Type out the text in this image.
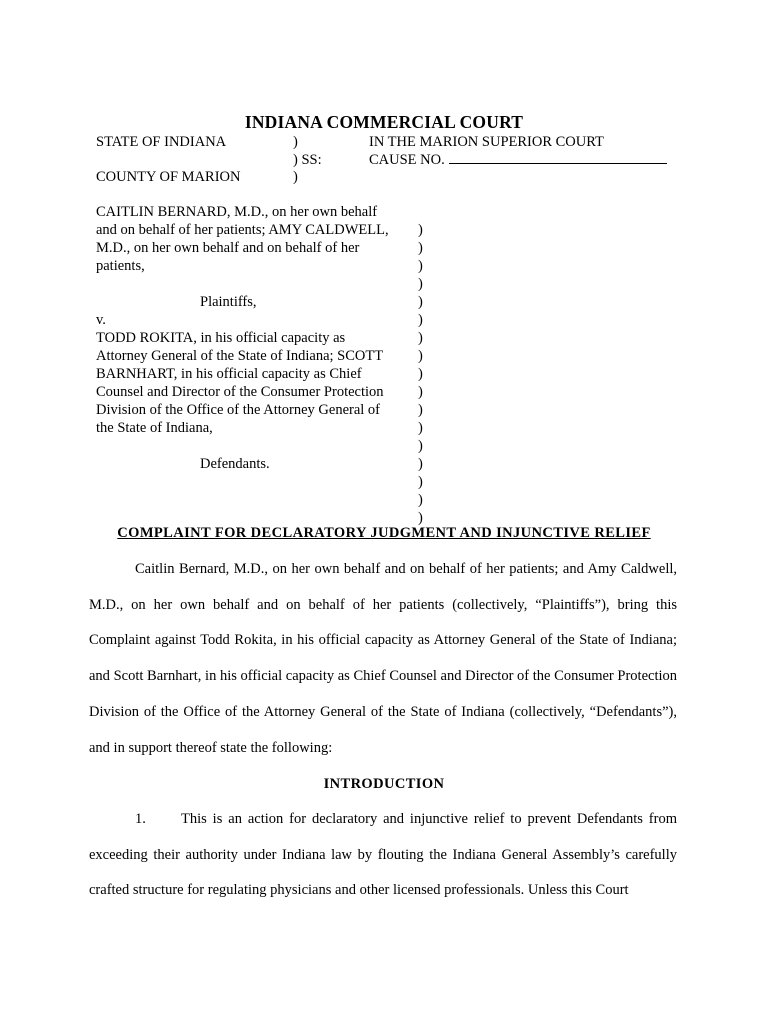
INDIANA COMMERCIAL COURT
STATE OF INDIANA
COUNTY OF MARION
)
) SS:
)
IN THE MARION SUPERIOR COURT
CAUSE NO.
CAITLIN BERNARD, M.D., on her own behalf
and on behalf of her patients; AMY CALDWELL,
M.D., on her own behalf and on behalf of her
patients,
Plaintiffs,
v.
TODD ROKITA, in his official capacity as
Attorney General of the State of Indiana; SCOTT
BARNHART, in his official capacity as Chief
Counsel and Director of the Consumer Protection
Division of the Office of the Attorney General of
the State of Indiana,
Defendants.
)
)
)
)
)
)
)
)
)
)
)
)
)
)
)
)
)
COMPLAINT FOR DECLARATORY JUDGMENT AND INJUNCTIVE RELIEF
Caitlin Bernard, M.D., on her own behalf and on behalf of her patients; and Amy Caldwell, M.D., on her own behalf and on behalf of her patients (collectively, “Plaintiffs”), bring this Complaint against Todd Rokita, in his official capacity as Attorney General of the State of Indiana; and Scott Barnhart, in his official capacity as Chief Counsel and Director of the Consumer Protection Division of the Office of the Attorney General of the State of Indiana (collectively, “Defendants”), and in support thereof state the following:
INTRODUCTION
1. This is an action for declaratory and injunctive relief to prevent Defendants from exceeding their authority under Indiana law by flouting the Indiana General Assembly’s carefully crafted structure for regulating physicians and other licensed professionals. Unless this Court
